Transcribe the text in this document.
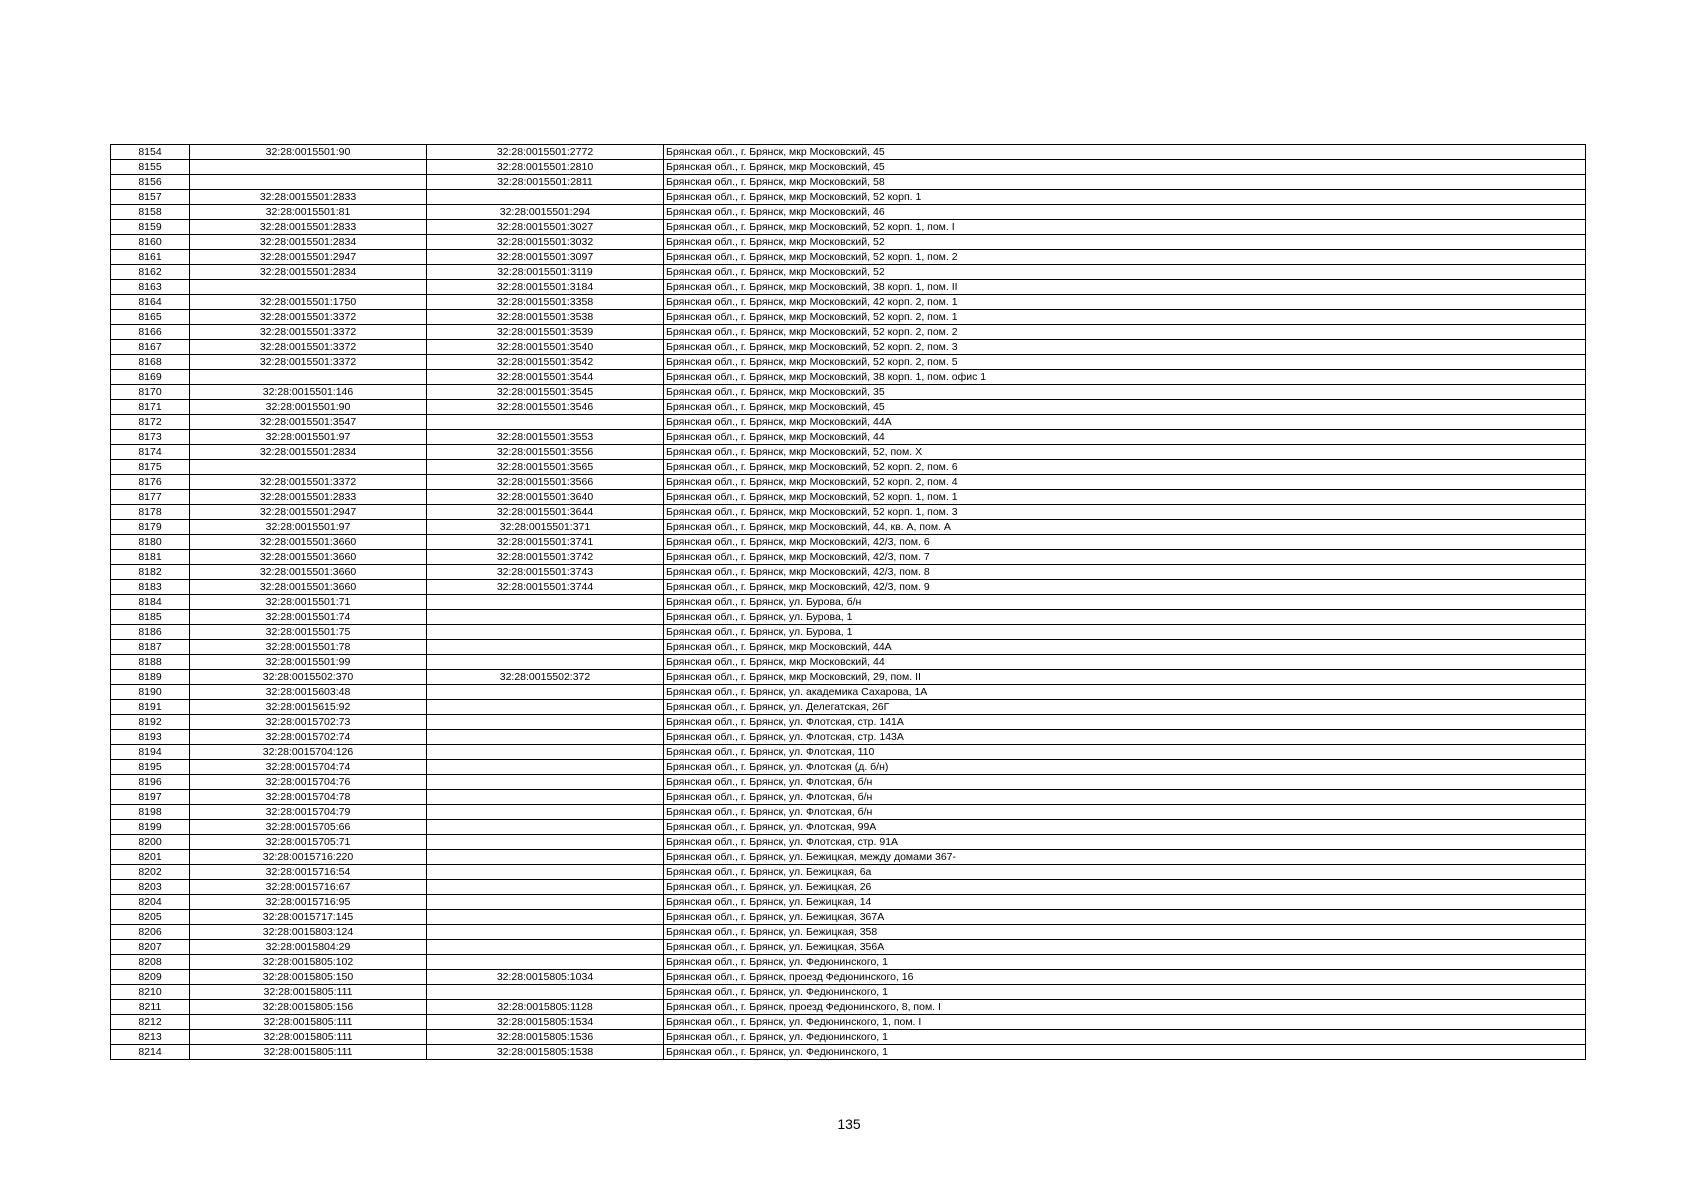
8154	32:28:0015501:90	32:28:0015501:2772	Брянская обл., г. Брянск, мкр Московский, 45
8155		32:28:0015501:2810	Брянская обл., г. Брянск, мкр Московский, 45
8156		32:28:0015501:2811	Брянская обл., г. Брянск, мкр Московский, 58
8157	32:28:0015501:2833		Брянская обл., г. Брянск, мкр Московский, 52 корп. 1
8158	32:28:0015501:81	32:28:0015501:294	Брянская обл., г. Брянск, мкр Московский, 46
8159	32:28:0015501:2833	32:28:0015501:3027	Брянская обл., г. Брянск, мкр Московский, 52 корп. 1, пом. I
8160	32:28:0015501:2834	32:28:0015501:3032	Брянская обл., г. Брянск, мкр Московский, 52
8161	32:28:0015501:2947	32:28:0015501:3097	Брянская обл., г. Брянск, мкр Московский, 52 корп. 1, пом. 2
8162	32:28:0015501:2834	32:28:0015501:3119	Брянская обл., г. Брянск, мкр Московский, 52
8163		32:28:0015501:3184	Брянская обл., г. Брянск, мкр Московский, 38 корп. 1, пом. II
8164	32:28:0015501:1750	32:28:0015501:3358	Брянская обл., г. Брянск, мкр Московский, 42 корп. 2, пом. 1
8165	32:28:0015501:3372	32:28:0015501:3538	Брянская обл., г. Брянск, мкр Московский, 52 корп. 2, пом. 1
8166	32:28:0015501:3372	32:28:0015501:3539	Брянская обл., г. Брянск, мкр Московский, 52 корп. 2, пом. 2
8167	32:28:0015501:3372	32:28:0015501:3540	Брянская обл., г. Брянск, мкр Московский, 52 корп. 2, пом. 3
8168	32:28:0015501:3372	32:28:0015501:3542	Брянская обл., г. Брянск, мкр Московский, 52 корп. 2, пом. 5
8169		32:28:0015501:3544	Брянская обл., г. Брянск, мкр Московский, 38 корп. 1, пом. офис 1
8170	32:28:0015501:146	32:28:0015501:3545	Брянская обл., г. Брянск, мкр Московский, 35
8171	32:28:0015501:90	32:28:0015501:3546	Брянская обл., г. Брянск, мкр Московский, 45
8172	32:28:0015501:3547		Брянская обл., г. Брянск, мкр Московский, 44А
8173	32:28:0015501:97	32:28:0015501:3553	Брянская обл., г. Брянск, мкр Московский, 44
8174	32:28:0015501:2834	32:28:0015501:3556	Брянская обл., г. Брянск, мкр Московский, 52, пом. X
8175		32:28:0015501:3565	Брянская обл., г. Брянск, мкр Московский, 52 корп. 2, пом. 6
8176	32:28:0015501:3372	32:28:0015501:3566	Брянская обл., г. Брянск, мкр Московский, 52 корп. 2, пом. 4
8177	32:28:0015501:2833	32:28:0015501:3640	Брянская обл., г. Брянск, мкр Московский, 52 корп. 1, пом. 1
8178	32:28:0015501:2947	32:28:0015501:3644	Брянская обл., г. Брянск, мкр Московский, 52 корп. 1, пом. 3
8179	32:28:0015501:97	32:28:0015501:371	Брянская обл., г. Брянск, мкр Московский, 44, кв. А, пом. А
8180	32:28:0015501:3660	32:28:0015501:3741	Брянская обл., г. Брянск, мкр Московский, 42/3, пом. 6
8181	32:28:0015501:3660	32:28:0015501:3742	Брянская обл., г. Брянск, мкр Московский, 42/3, пом. 7
8182	32:28:0015501:3660	32:28:0015501:3743	Брянская обл., г. Брянск, мкр Московский, 42/3, пом. 8
8183	32:28:0015501:3660	32:28:0015501:3744	Брянская обл., г. Брянск, мкр Московский, 42/3, пом. 9
8184	32:28:0015501:71		Брянская обл., г. Брянск, ул. Бурова, б/н
8185	32:28:0015501:74		Брянская обл., г. Брянск, ул. Бурова, 1
8186	32:28:0015501:75		Брянская обл., г. Брянск, ул. Бурова, 1
8187	32:28:0015501:78		Брянская обл., г. Брянск, мкр Московский, 44А
8188	32:28:0015501:99		Брянская обл., г. Брянск, мкр Московский, 44
8189	32:28:0015502:370	32:28:0015502:372	Брянская обл., г. Брянск, мкр Московский, 29, пом. II
8190	32:28:0015603:48		Брянская обл., г. Брянск, ул. академика Сахарова, 1А
8191	32:28:0015615:92		Брянская обл., г. Брянск, ул. Делегатская, 26Г
8192	32:28:0015702:73		Брянская обл., г. Брянск, ул. Флотская, стр. 141А
8193	32:28:0015702:74		Брянская обл., г. Брянск, ул. Флотская, стр. 143А
8194	32:28:0015704:126		Брянская обл., г. Брянск, ул. Флотская, 110
8195	32:28:0015704:74		Брянская обл., г. Брянск, ул. Флотская (д. б/н)
8196	32:28:0015704:76		Брянская обл., г. Брянск, ул. Флотская, б/н
8197	32:28:0015704:78		Брянская обл., г. Брянск, ул. Флотская, б/н
8198	32:28:0015704:79		Брянская обл., г. Брянск, ул. Флотская, б/н
8199	32:28:0015705:66		Брянская обл., г. Брянск, ул. Флотская, 99А
8200	32:28:0015705:71		Брянская обл., г. Брянск, ул. Флотская, стр. 91А
8201	32:28:0015716:220		Брянская обл., г. Брянск, ул. Бежицкая, между домами 367-
8202	32:28:0015716:54		Брянская обл., г. Брянск, ул. Бежицкая, 6а
8203	32:28:0015716:67		Брянская обл., г. Брянск, ул. Бежицкая, 26
8204	32:28:0015716:95		Брянская обл., г. Брянск, ул. Бежицкая, 14
8205	32:28:0015717:145		Брянская обл., г. Брянск, ул. Бежицкая, 367А
8206	32:28:0015803:124		Брянская обл., г. Брянск, ул. Бежицкая, 358
8207	32:28:0015804:29		Брянская обл., г. Брянск, ул. Бежицкая, 356А
8208	32:28:0015805:102		Брянская обл., г. Брянск, ул. Федюнинского, 1
8209	32:28:0015805:150	32:28:0015805:1034	Брянская обл., г. Брянск, проезд Федюнинского, 16
8210	32:28:0015805:111		Брянская обл., г. Брянск, ул. Федюнинского, 1
8211	32:28:0015805:156	32:28:0015805:1128	Брянская обл., г. Брянск, проезд Федюнинского, 8, пом. I
8212	32:28:0015805:111	32:28:0015805:1534	Брянская обл., г. Брянск, ул. Федюнинского, 1, пом. I
8213	32:28:0015805:111	32:28:0015805:1536	Брянская обл., г. Брянск, ул. Федюнинского, 1
8214	32:28:0015805:111	32:28:0015805:1538	Брянская обл., г. Брянск, ул. Федюнинского, 1
135
